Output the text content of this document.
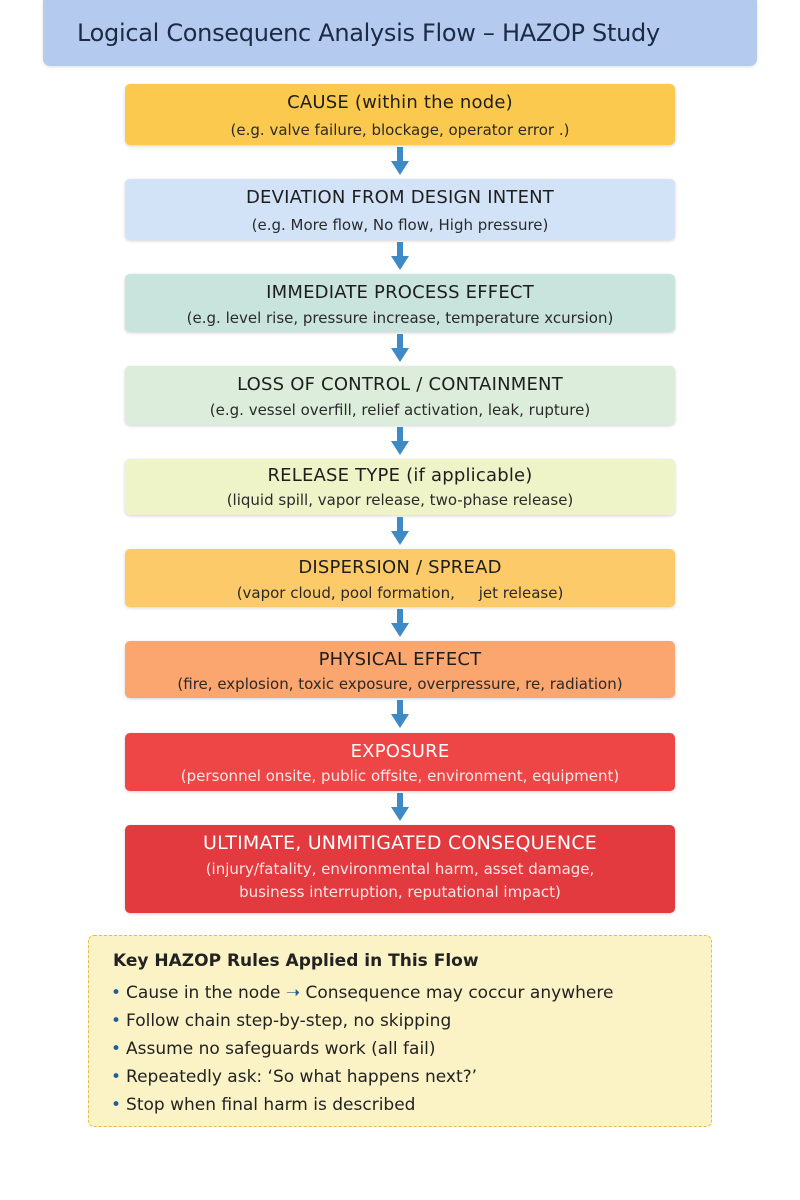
Logical Consequenc Analysis Flow – HAZOP Study
CAUSE (within the node)
(e.g. valve failure, blockage, operator error .)
DEVIATION FROM DESIGN INTENT
(e.g. More flow, No flow, High pressure)
IMMEDIATE PROCESS EFFECT
(e.g. level rise, pressure increase, temperature xcursion)
LOSS OF CONTROL / CONTAINMENT
(e.g. vessel overfill, relief activation, leak, rupture)
RELEASE TYPE (if applicable)
(liquid spill, vapor release, two-phase release)
DISPERSION / SPREAD
(vapor cloud, pool formation,     jet release)
PHYSICAL EFFECT
(fire, explosion, toxic exposure, overpressure, re, radiation)
EXPOSURE
(personnel onsite, public offsite, environment, equipment)
ULTIMATE, UNMITIGATED CONSEQUENCE
(injury/fatality, environmental harm, asset damage,
business interruption, reputational impact)
Key HAZOP Rules Applied in This Flow
• Cause in the node ➝ Consequence may coccur anywhere
• Follow chain step-by-step, no skipping
• Assume no safeguards work (all fail)
• Repeatedly ask: ‘So what happens next?’
• Stop when final harm is described
